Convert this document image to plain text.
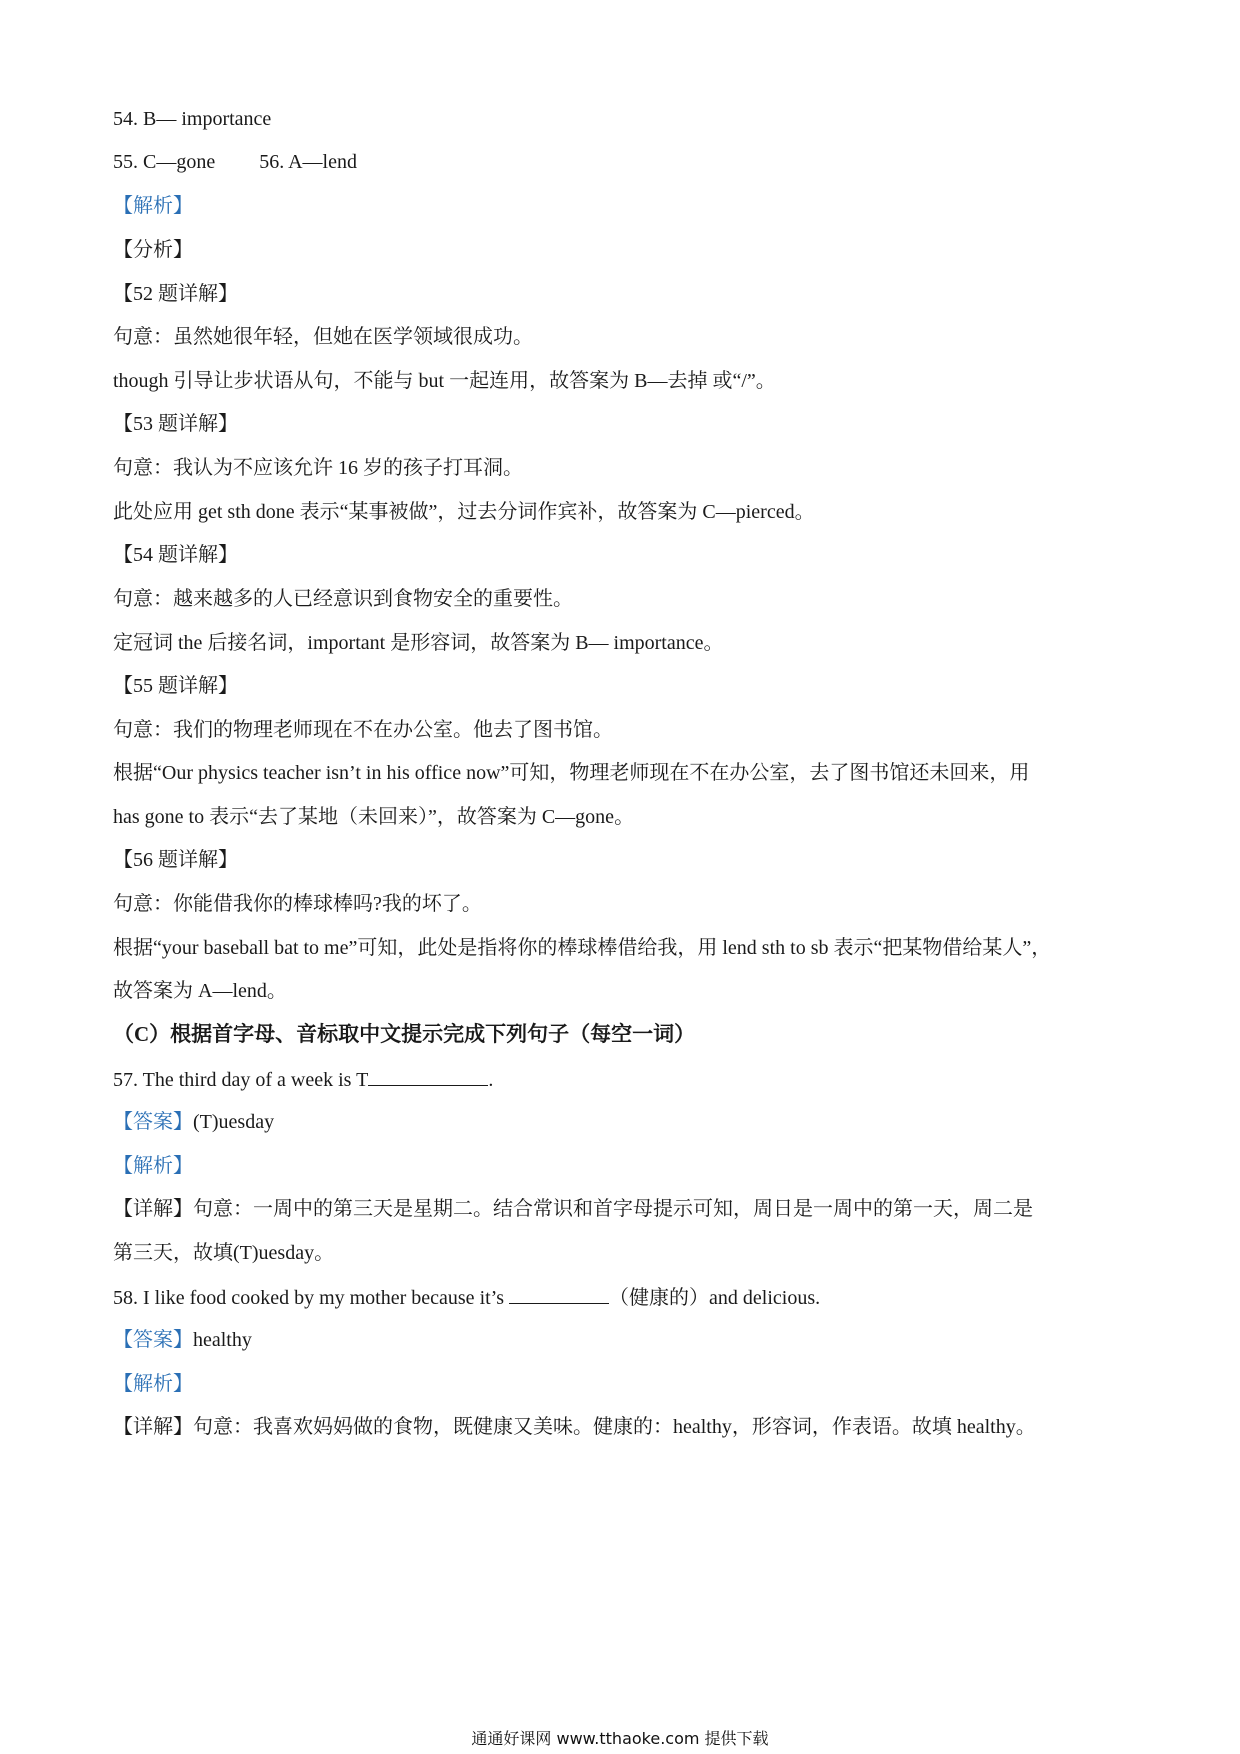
54. B— importance
55. C—gone 56. A—lend
【解析】
【分析】
【52 题详解】
句意：虽然她很年轻，但她在医学领域很成功。
though 引导让步状语从句，不能与 but 一起连用，故答案为 B—去掉 或“/”。
【53 题详解】
句意：我认为不应该允许 16 岁的孩子打耳洞。
此处应用 get sth done 表示“某事被做”，过去分词作宾补，故答案为 C—pierced。
【54 题详解】
句意：越来越多的人已经意识到食物安全的重要性。
定冠词 the 后接名词，important 是形容词，故答案为 B— importance。
【55 题详解】
句意：我们的物理老师现在不在办公室。他去了图书馆。
根据“Our physics teacher isn’t in his office now”可知，物理老师现在不在办公室，去了图书馆还未回来，用
has gone to 表示“去了某地（未回来）”，故答案为 C—gone。
【56 题详解】
句意：你能借我你的棒球棒吗?我的坏了。
根据“your baseball bat to me”可知，此处是指将你的棒球棒借给我，用 lend sth to sb 表示“把某物借给某人”，
故答案为 A—lend。
（C）根据首字母、音标取中文提示完成下列句子（每空一词）
57. The third day of a week is T	.
【答案】(T)uesday
【解析】
【详解】句意：一周中的第三天是星期二。结合常识和首字母提示可知，周日是一周中的第一天，周二是
第三天，故填(T)uesday。
58. I like food cooked by my mother because it’s	（健康的）and delicious.
【答案】healthy
【解析】
【详解】句意：我喜欢妈妈做的食物，既健康又美味。健康的：healthy，形容词，作表语。故填 healthy。
通通好课网 www.tthaoke.com 提供下载
